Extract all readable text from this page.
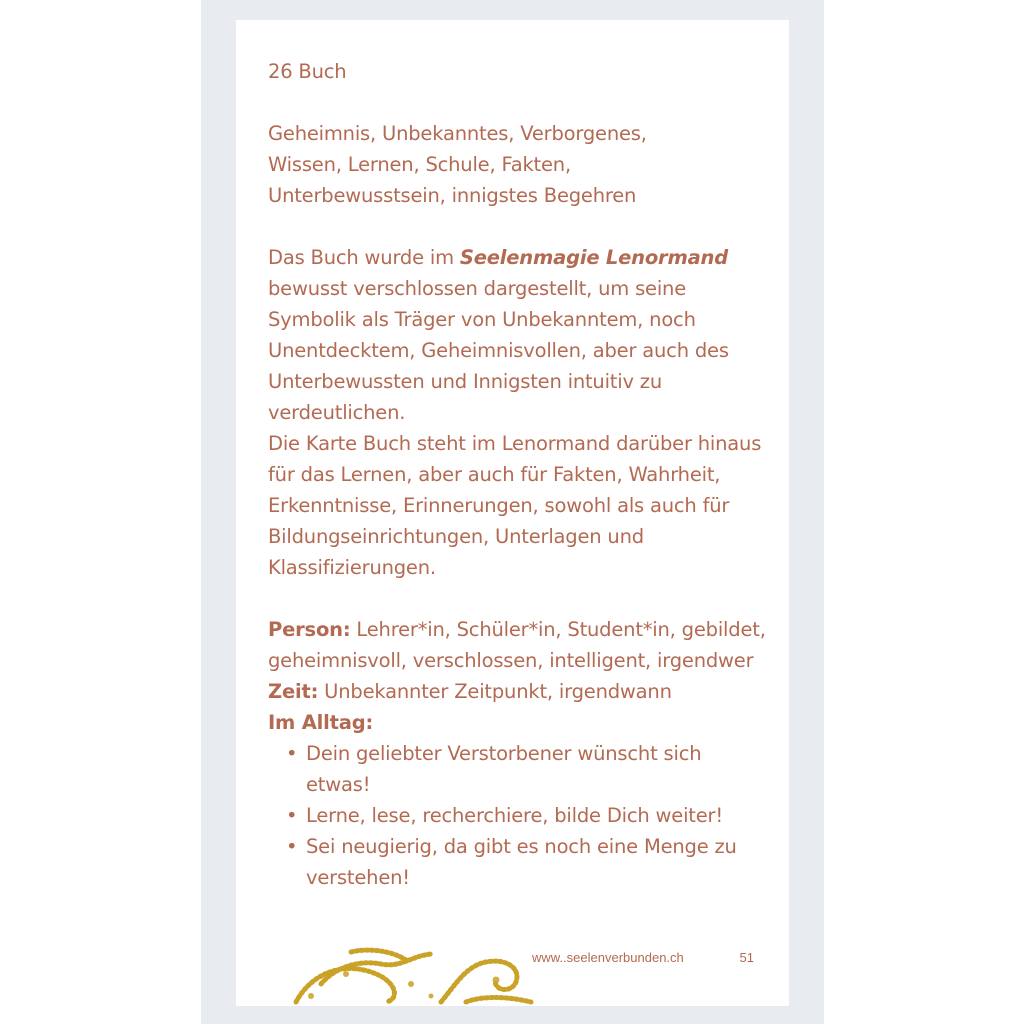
26 Buch

Geheimnis, Unbekanntes, Verborgenes,

Wissen, Lernen, Schule, Fakten,

Unterbewusstsein, innigstes Begehren

Das Buch wurde im Seelenmagie Lenormand bewusst verschlossen dargestellt, um seine Symbolik als Träger von Unbekanntem, noch Unentdecktem, Geheimnisvollen, aber auch des Unterbewussten und Innigsten intuitiv zu verdeutlichen.

Die Karte Buch steht im Lenormand darüber hinaus für das Lernen, aber auch für Fakten, Wahrheit, Erkenntnisse, Erinnerungen, sowohl als auch für Bildungseinrichtungen, Unterlagen und Klassifizierungen.

Person: Lehrer*in, Schüler*in, Student*in, gebildet, geheimnisvoll, verschlossen, intelligent, irgendwer

Zeit: Unbekannter Zeitpunkt, irgendwann

Im Alltag:

• Dein geliebter Verstorbener wünscht sich etwas!
• Lerne, lese, recherchiere, bilde Dich weiter!
• Sei neugierig, da gibt es noch eine Menge zu verstehen!
www..seelenverbunden.ch	51
